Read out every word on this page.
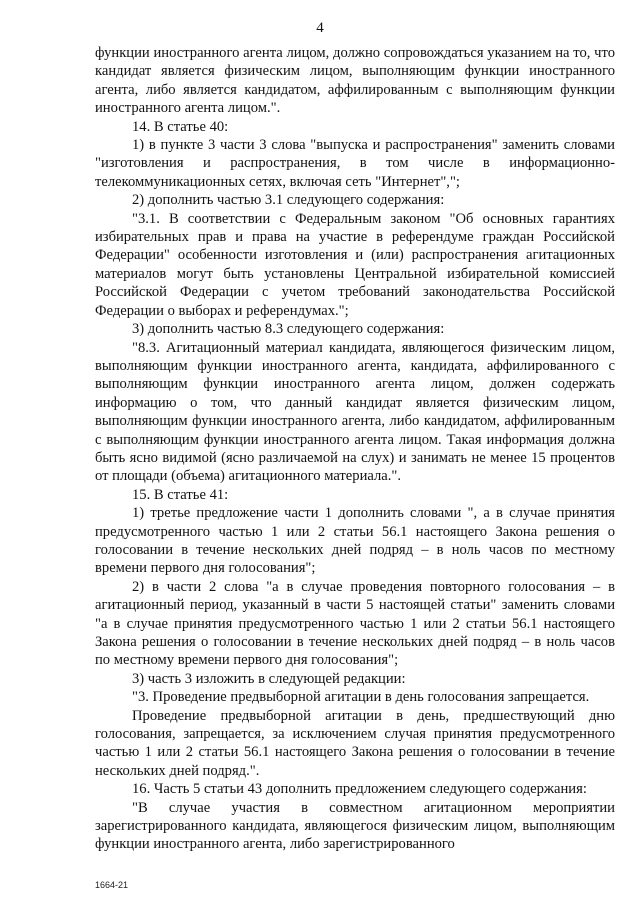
4

функции иностранного агента лицом, должно сопровождаться указанием на то, что кандидат является физическим лицом, выполняющим функции иностранного агента, либо является кандидатом, аффилированным с выполняющим функции иностранного агента лицом.".

14. В статье 40:

1) в пункте 3 части 3 слова "выпуска и распространения" заменить словами "изготовления и распространения, в том числе в информационно-телекоммуникационных сетях, включая сеть "Интернет",";

2) дополнить частью 3.1 следующего содержания:

"3.1. В соответствии с Федеральным законом "Об основных гарантиях избирательных прав и права на участие в референдуме граждан Российской Федерации" особенности изготовления и (или) распространения агитационных материалов могут быть установлены Центральной избирательной комиссией Российской Федерации с учетом требований законодательства Российской Федерации о выборах и референдумах.";

3) дополнить частью 8.3 следующего содержания:

"8.3. Агитационный материал кандидата, являющегося физическим лицом, выполняющим функции иностранного агента, кандидата, аффилированного с выполняющим функции иностранного агента лицом, должен содержать информацию о том, что данный кандидат является физическим лицом, выполняющим функции иностранного агента, либо кандидатом, аффилированным с выполняющим функции иностранного агента лицом. Такая информация должна быть ясно видимой (ясно различаемой на слух) и занимать не менее 15 процентов от площади (объема) агитационного материала.".

15. В статье 41:

1) третье предложение части 1 дополнить словами ", а в случае принятия предусмотренного частью 1 или 2 статьи 56.1 настоящего Закона решения о голосовании в течение нескольких дней подряд – в ноль часов по местному времени первого дня голосования";

2) в части 2 слова "а в случае проведения повторного голосования – в агитационный период, указанный в части 5 настоящей статьи" заменить словами "а в случае принятия предусмотренного частью 1 или 2 статьи 56.1 настоящего Закона решения о голосовании в течение нескольких дней подряд – в ноль часов по местному времени первого дня голосования";

3) часть 3 изложить в следующей редакции:

"3. Проведение предвыборной агитации в день голосования запрещается.

Проведение предвыборной агитации в день, предшествующий дню голосования, запрещается, за исключением случая принятия предусмотренного частью 1 или 2 статьи 56.1 настоящего Закона решения о голосовании в течение нескольких дней подряд.".

16. Часть 5 статьи 43 дополнить предложением следующего содержания:

"В случае участия в совместном агитационном мероприятии зарегистрированного кандидата, являющегося физическим лицом, выполняющим функции иностранного агента, либо зарегистрированного

1664-21
